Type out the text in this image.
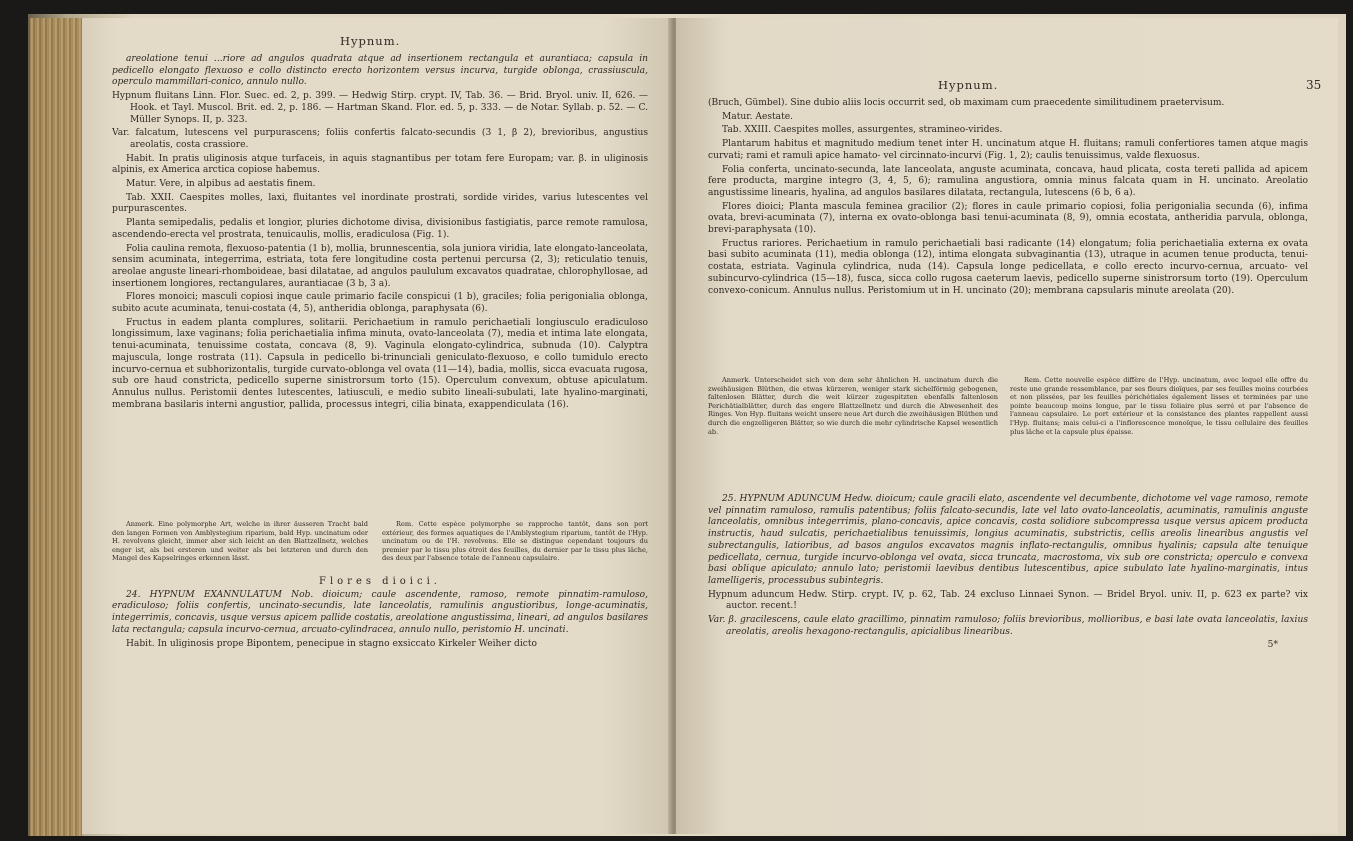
Hypnum.

areolatione tenui ...riore ad angulos quadrata atque ad insertionem rectangula et aurantiaca; capsula in pedicello elongato flexuoso e collo distincto erecto horizontem versus incurva, turgide oblonga, crassiuscula, operculo mammillari-conico, annulo nullo.

Hypnum fluitans Linn. Flor. Suec. ed. 2, p. 399. — Hedwig Stirp. crypt. IV, Tab. 36. — Brid. Bryol. univ. II, 626. — Hook. et Tayl. Muscol. Brit. ed. 2, p. 186. — Hartman Skand. Flor. ed. 5, p. 333. — de Notar. Syllab. p. 52. — C. Müller Synops. II, p. 323.

Var. falcatum, lutescens vel purpurascens; foliis confertis falcato-secundis (3 1, β 2), brevioribus, angustius areolatis, costa crassiore.

Habit. In pratis uliginosis atque turfaceis, in aquis stagnantibus per totam fere Europam; var. β. in uliginosis alpinis, ex America arctica copiose habemus.

Matur. Vere, in alpibus ad aestatis finem.

Tab. XXII. Caespites molles, laxi, fluitantes vel inordinate prostrati, sordide virides, varius lutescentes vel purpurascentes.

Planta semipedalis, pedalis et longior, pluries dichotome divisa, divisionibus fastigiatis, parce remote ramulosa, ascendendo-erecta vel prostrata, tenuicaulis, mollis, eradiculosa (Fig. 1).

Folia caulina remota, flexuoso-patentia (1 b), mollia, brunnescentia, sola juniora viridia, late elongato-lanceolata, sensim acuminata, integerrima, estriata, tota fere longitudine costa pertenui percursa (2, 3); reticulatio tenuis, areolae anguste lineari-rhomboideae, basi dilatatae, ad angulos paululum excavatos quadratae, chlorophyllosae, ad insertionem longiores, rectangulares, aurantiacae (3 b, 3 a).

Flores monoici; masculi copiosi inque caule primario facile conspicui (1 b), graciles; folia perigonialia oblonga, subito acute acuminata, tenui-costata (4, 5), antheridia oblonga, paraphysata (6).

Fructus in eadem planta complures, solitarii. Perichaetium in ramulo perichaetiali longiusculo eradiculoso longissimum, laxe vaginans; folia perichaetialia infima minuta, ovato-lanceolata (7), media et intima late elongata, tenui-acuminata, tenuissime costata, concava (8, 9). Vaginula elongato-cylindrica, subnuda (10). Calyptra majuscula, longe rostrata (11). Capsula in pedicello bi-trinunciali geniculato-flexuoso, e collo tumidulo erecto incurvo-cernua et subhorizontalis, turgide curvato-oblonga vel ovata (11—14), badia, mollis, sicca evacuata rugosa, sub ore haud constricta, pedicello superne sinistrorsum torto (15). Operculum convexum, obtuse apiculatum. Annulus nullus. Peristomii dentes lutescentes, latiusculi, e medio subito lineali-subulati, late hyalino-marginati, membrana basilaris interni angustior, pallida, processus integri, cilia binata, exappendiculata (16).

Anmerk. Eine polymorphe Art, welche in ihrer äusseren Tracht bald den langen Formen von Amblystegium riparium, bald Hyp. uncinatum oder H. revolvens gleicht, immer aber sich leicht an den Blattzellnetz, welches enger ist, als bei ersteren und weiter als bei letzteren und durch den Mangel des Kapselringes erkennen lässt.

Rem. Cette espèce polymorphe se rapproche tantôt, dans son port extérieur, des formes aquatiques de l'Amblystegium riparium, tantôt de l'Hyp. uncinatum ou de l'H. revolvens. Elle se distingue cependant toujours du premier par le tissu plus étroit des feuilles, du dernier par le tissu plus lâche, des deux par l'absence totale de l'anneau capsulaire.

Flores dioici.

24. HYPNUM EXANNULATUM Nob. dioicum; caule ascendente, ramoso, remote pinnatim-ramuloso, eradiculoso; foliis confertis, uncinato-secundis, late lanceolatis, ramulinis angustioribus, longe-acuminatis, integerrimis, concavis, usque versus apicem pallide costatis, areolatione angustissima, lineari, ad angulos basilares lata rectangula; capsula incurvo-cernua, arcuato-cylindracea, annulo nullo, peristomio H. uncinati.

Habit. In uliginosis prope Bipontem, penecipue in stagno exsiccato Kirkeler Weiher dicto

Hypnum.	35

(Bruch, Gümbel). Sine dubio aliis locis occurrit sed, ob maximam cum praecedente similitudinem praetervisum.

Matur. Aestate.

Tab. XXIII. Caespites molles, assurgentes, stramineo-virides.

Plantarum habitus et magnitudo medium tenet inter H. uncinatum atque H. fluitans; ramuli confertiores tamen atque magis curvati; rami et ramuli apice hamato- vel circinnato-incurvi (Fig. 1, 2); caulis tenuissimus, valde flexuosus.

Folia conferta, uncinato-secunda, late lanceolata, anguste acuminata, concava, haud plicata, costa tereti pallida ad apicem fere producta, margine integro (3, 4, 5, 6); ramulina angustiora, omnia minus falcata quam in H. uncinato. Areolatio angustissime linearis, hyalina, ad angulos basilares dilatata, rectangula, lutescens (6 b, 6 a).

Flores dioici; Planta mascula feminea gracilior (2); flores in caule primario copiosi, folia perigonialia secunda (6), infima ovata, brevi-acuminata (7), interna ex ovato-oblonga basi tenui-acuminata (8, 9), omnia ecostata, antheridia parvula, oblonga, brevi-paraphysata (10).

Fructus rariores. Perichaetium in ramulo perichaetiali basi radicante (14) elongatum; folia perichaetialia externa ex ovata basi subito acuminata (11), media oblonga (12), intima elongata subvaginantia (13), utraque in acumen tenue producta, tenui-costata, estriata. Vaginula cylindrica, nuda (14). Capsula longe pedicellata, e collo erecto incurvo-cernua, arcuato- vel subincurvo-cylindrica (15—18), fusca, sicca collo rugosa caeterum laevis, pedicello superne sinistrorsum torto (19). Operculum convexo-conicum. Annulus nullus. Peristomium ut in H. uncinato (20); membrana capsularis minute areolata (20).

Anmerk. Unterscheidet sich von dem sehr ähnlichen H. uncinatum durch die zweihäusigen Blüthen, die etwas kürzeren, weniger stark sichelförmig gebogenen, faltenlosen Blätter, durch die weit kürzer zugespitzten ebenfalls faltenlosen Perichätialblätter, durch das engere Blattzellnetz und durch die Abwesenheit des Ringes. Von Hyp. fluitans weicht unsere neue Art durch die zweihäusigen Blüthen und durch die engzelligeren Blätter, so wie durch die mehr cylindrische Kapsel wesentlich ab.

Rem. Cette nouvelle espèce diffère de l'Hyp. uncinatum, avec lequel elle offre du reste une grande ressemblance, par ses fleurs dioïques, par ses feuilles moins courbées et non plissées, par les feuilles périchétiales également lisses et terminées par une pointe beaucoup moins longue, par le tissu foliaire plus serré et par l'absence de l'anneau capsulaire. Le port extérieur et la consistance des plantes rappellent aussi l'Hyp. fluitans; mais celui-ci a l'inflorescence monoïque, le tissu cellulaire des feuilles plus lâche et la capsule plus épaisse.

25. HYPNUM ADUNCUM Hedw. dioicum; caule gracili elato, ascendente vel decumbente, dichotome vel vage ramoso, remote vel pinnatim ramuloso, ramulis patentibus; foliis falcato-secundis, late vel lato ovato-lanceolatis, acuminatis, ramulinis anguste lanceolatis, omnibus integerrimis, plano-concavis, apice concavis, costa solidiore subcompressa usque versus apicem producta instructis, haud sulcatis, perichaetialibus tenuissimis, longius acuminatis, substrictis, cellis areolis linearibus angustis vel subrectangulis, latioribus, ad basos angulos excavatos magnis inflato-rectangulis, omnibus hyalinis; capsula alte tenuique pedicellata, cernua, turgide incurvo-oblonga vel ovata, sicca truncata, macrostoma, vix sub ore constricta; operculo e convexa basi oblique apiculato; annulo lato; peristomii laevibus dentibus lutescentibus, apice subulato late hyalino-marginatis, intus lamelligeris, processubus subintegris.

Hypnum aduncum Hedw. Stirp. crypt. IV, p. 62, Tab. 24 excluso Linnaei Synon. — Bridel Bryol. univ. II, p. 623 ex parte? vix auctor. recent.!

Var. β. gracilescens, caule elato gracillimo, pinnatim ramuloso; foliis brevioribus, mollioribus, e basi late ovata lanceolatis, laxius areolatis, areolis hexagono-rectangulis, apicialibus linearibus.

5*
